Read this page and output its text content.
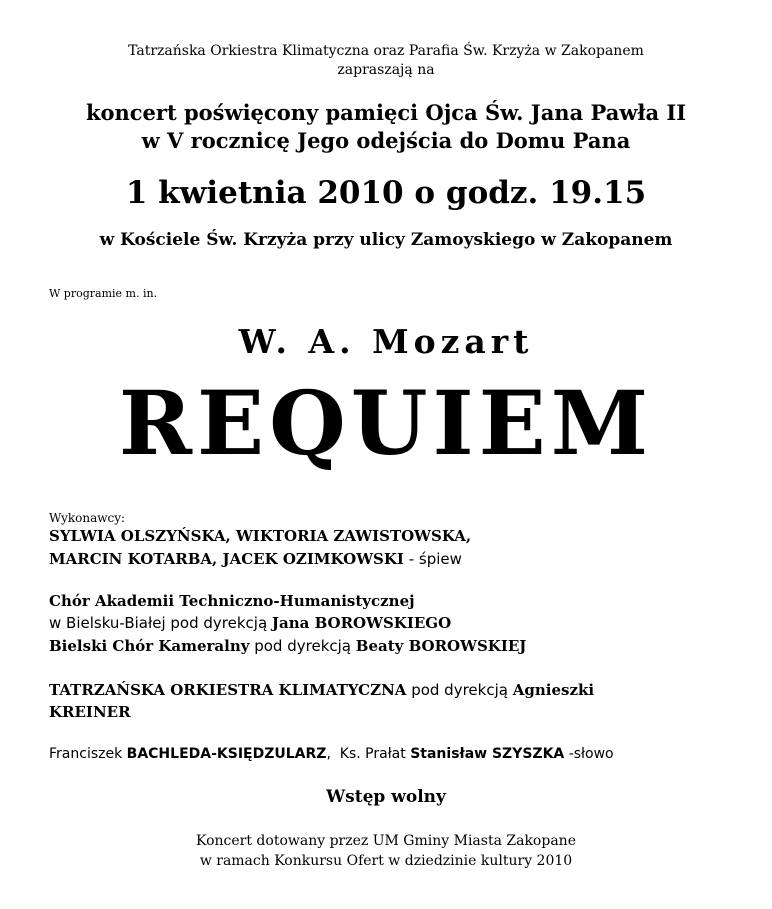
Tatrzańska Orkiestra Klimatyczna oraz Parafia Św. Krzyża w Zakopanem
zapraszają na
koncert poświęcony pamięci Ojca Św. Jana Pawła II
w V rocznicę Jego odejścia do Domu Pana
1 kwietnia 2010 o godz. 19.15
w Kościele Św. Krzyża przy ulicy Zamoyskiego w Zakopanem
W programie m. in.
W. A. Mozart
REQUIEM
Wykonawcy:
SYLWIA OLSZYŃSKA, WIKTORIA ZAWISTOWSKA,
MARCIN KOTARBA, JACEK OZIMKOWSKI - śpiew
Chór Akademii Techniczno-Humanistycznej
w Bielsku-Białej pod dyrekcją Jana BOROWSKIEGO
Bielski Chór Kameralny pod dyrekcją Beaty BOROWSKIEJ
TATRZAŃSKA ORKIESTRA KLIMATYCZNA pod dyrekcją Agnieszki
KREINER
Franciszek BACHLEDA-KSIĘDZULARZ,  Ks. Prałat Stanisław SZYSZKA -słowo
Wstęp wolny
Koncert dotowany przez UM Gminy Miasta Zakopane
w ramach Konkursu Ofert w dziedzinie kultury 2010
